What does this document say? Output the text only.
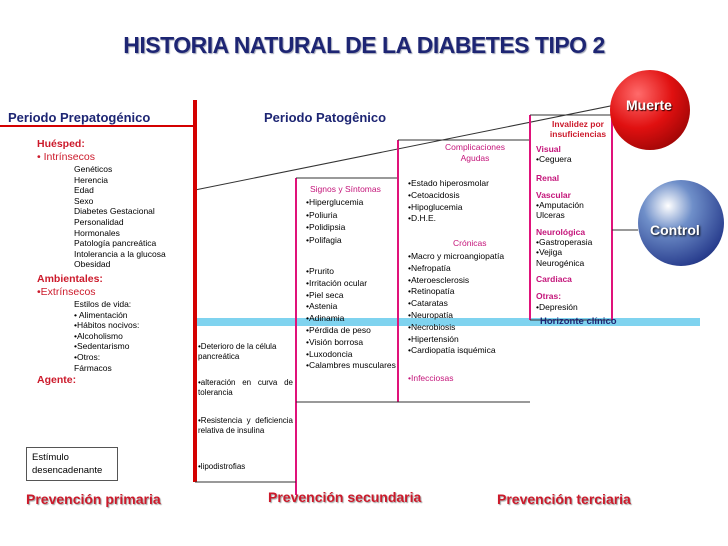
HISTORIA NATURAL DE LA DIABETES TIPO 2
Periodo Prepatogénico	Periodo Patogênico
Muerte
Control
Invalidez por insuficiencias
Huésped:
• Intrínsecos
Genéticos
Herencia
Edad
Sexo
Diabetes Gestacional
Personalidad
Hormonales
Patología pancreática
Intolerancia a la glucosa
Obesidad
Ambientales:
•Extrínsecos
Estilos de vida:
• Alimentación
•Hábitos nocivos:
•Alcoholismo
•Sedentarismo
•Otros:
Fármacos
Agente:
Estímulo desencadenante
•Deterioro de la célula pancreática
•alteración en curva de tolerancia
•Resistencia y deficiencia relativa de insulina
•lipodistrofias
Signos y Síntomas
•Hiperglucemia
•Poliuria
•Polidipsia
•Polifagia
•Prurito
•Irritación ocular
•Piel seca
•Astenia
•Adinamia
•Pérdida de peso
•Visión borrosa
•Luxodoncia
•Calambres musculares
Complicaciones Agudas
•Estado hiperosmolar
•Cetoacidosis
•Hipoglucemia
•D.H.E.
Crónicas
•Macro y microangiopatía
•Nefropatía
•Ateroesclerosis
•Retinopatía
•Cataratas
•Neuropatía
•Necrobiosis
•Hipertensión
•Cardiopatía isquémica
•Infecciosas
Visual
•Ceguera
Renal
Vascular
•Amputación Ulceras
Neurológica
•Gastroperasia
•Vejiga Neurogénica
Cardiaca
Otras:
•Depresión
Horizonte clínico
Prevención primaria	Prevención secundaria	Prevención terciaria
